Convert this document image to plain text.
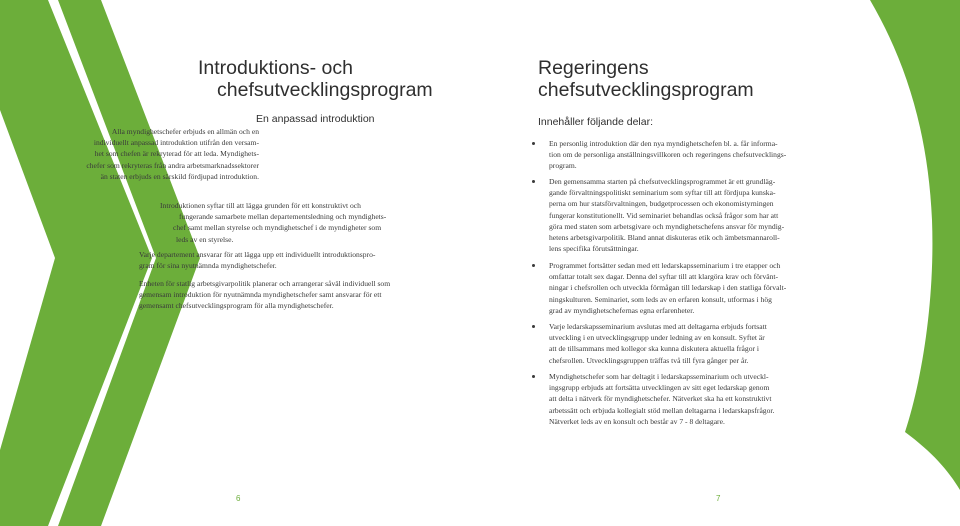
Introduktions- och
chefsutvecklingsprogram
En anpassad introduktion

Alla myndighetschefer erbjuds en allmän och en
individuellt anpassad introduktion utifrån den versam-
het som chefen är rekryterad för att leda. Myndighets-
chefer som rekryteras från andra arbetsmarknadssektorer
än staten erbjuds en särskild fördjupad introduktion.

Introduktionen syftar till att lägga grunden för ett konstruktivt och
fungerande samarbete mellan departementsledning och myndighets-
chef samt mellan styrelse och myndighetschef i de myndigheter som
leds av en styrelse.

Varje departement ansvarar för att lägga upp ett individuellt introduktionspro-
gram för sina nyutnämnda myndighetschefer.

Enheten för statlig arbetsgivarpolitik planerar och arrangerar såväl individuell som
gemensam introduktion för nyutnämnda myndighetschefer samt ansvarar för ett
gemensamt chefsutvecklingsprogram för alla myndighetschefer.

6
Regeringens
chefsutvecklingsprogram
Innehåller följande delar:
En personlig introduktion där den nya myndighetschefen bl. a. får informa-
tion om de personliga anställningsvillkoren och regeringens chefsutvecklings-
program.
Den gemensamma starten på chefsutvecklingsprogrammet är ett grundläg-
gande förvaltningspolitiskt seminarium som syftar till att fördjupa kunska-
perna om hur statsförvaltningen, budgetprocessen och ekonomistyrningen
fungerar konstitutionellt. Vid seminariet behandlas också frågor som har att
göra med staten som arbetsgivare och myndighetschefens ansvar för myndig-
hetens arbetsgivarpolitik. Bland annat diskuteras etik och ämbetsmannaroll-
lens specifika förutsättningar.
Programmet fortsätter sedan med ett ledarskapsseminarium i tre etapper och
omfattar totalt sex dagar. Denna del syftar till att klargöra krav och förvänt-
ningar i chefsrollen och utveckla förmågan till ledarskap i den statliga förvalt-
ningskulturen. Seminariet, som leds av en erfaren konsult, utformas i hög
grad av myndighetschefernas egna erfarenheter.
Varje ledarskapsseminarium avslutas med att deltagarna erbjuds fortsatt
utveckling i en utvecklingsgrupp under ledning av en konsult. Syftet är
att de tillsammans med kollegor ska kunna diskutera aktuella frågor i
chefsrollen. Utvecklingsgruppen träffas två till fyra gånger per år.
Myndighetschefer som har deltagit i ledarskapsseminarium och utveckl-
ingsgrupp erbjuds att fortsätta utvecklingen av sitt eget ledarskap genom
att delta i nätverk för myndighetschefer. Nätverket ska ha ett konstruktivt
arbetssätt och erbjuda kollegialt stöd mellan deltagarna i ledarskapsfrågor.
Nätverket leds av en konsult och består av 7 - 8 deltagare.
7
